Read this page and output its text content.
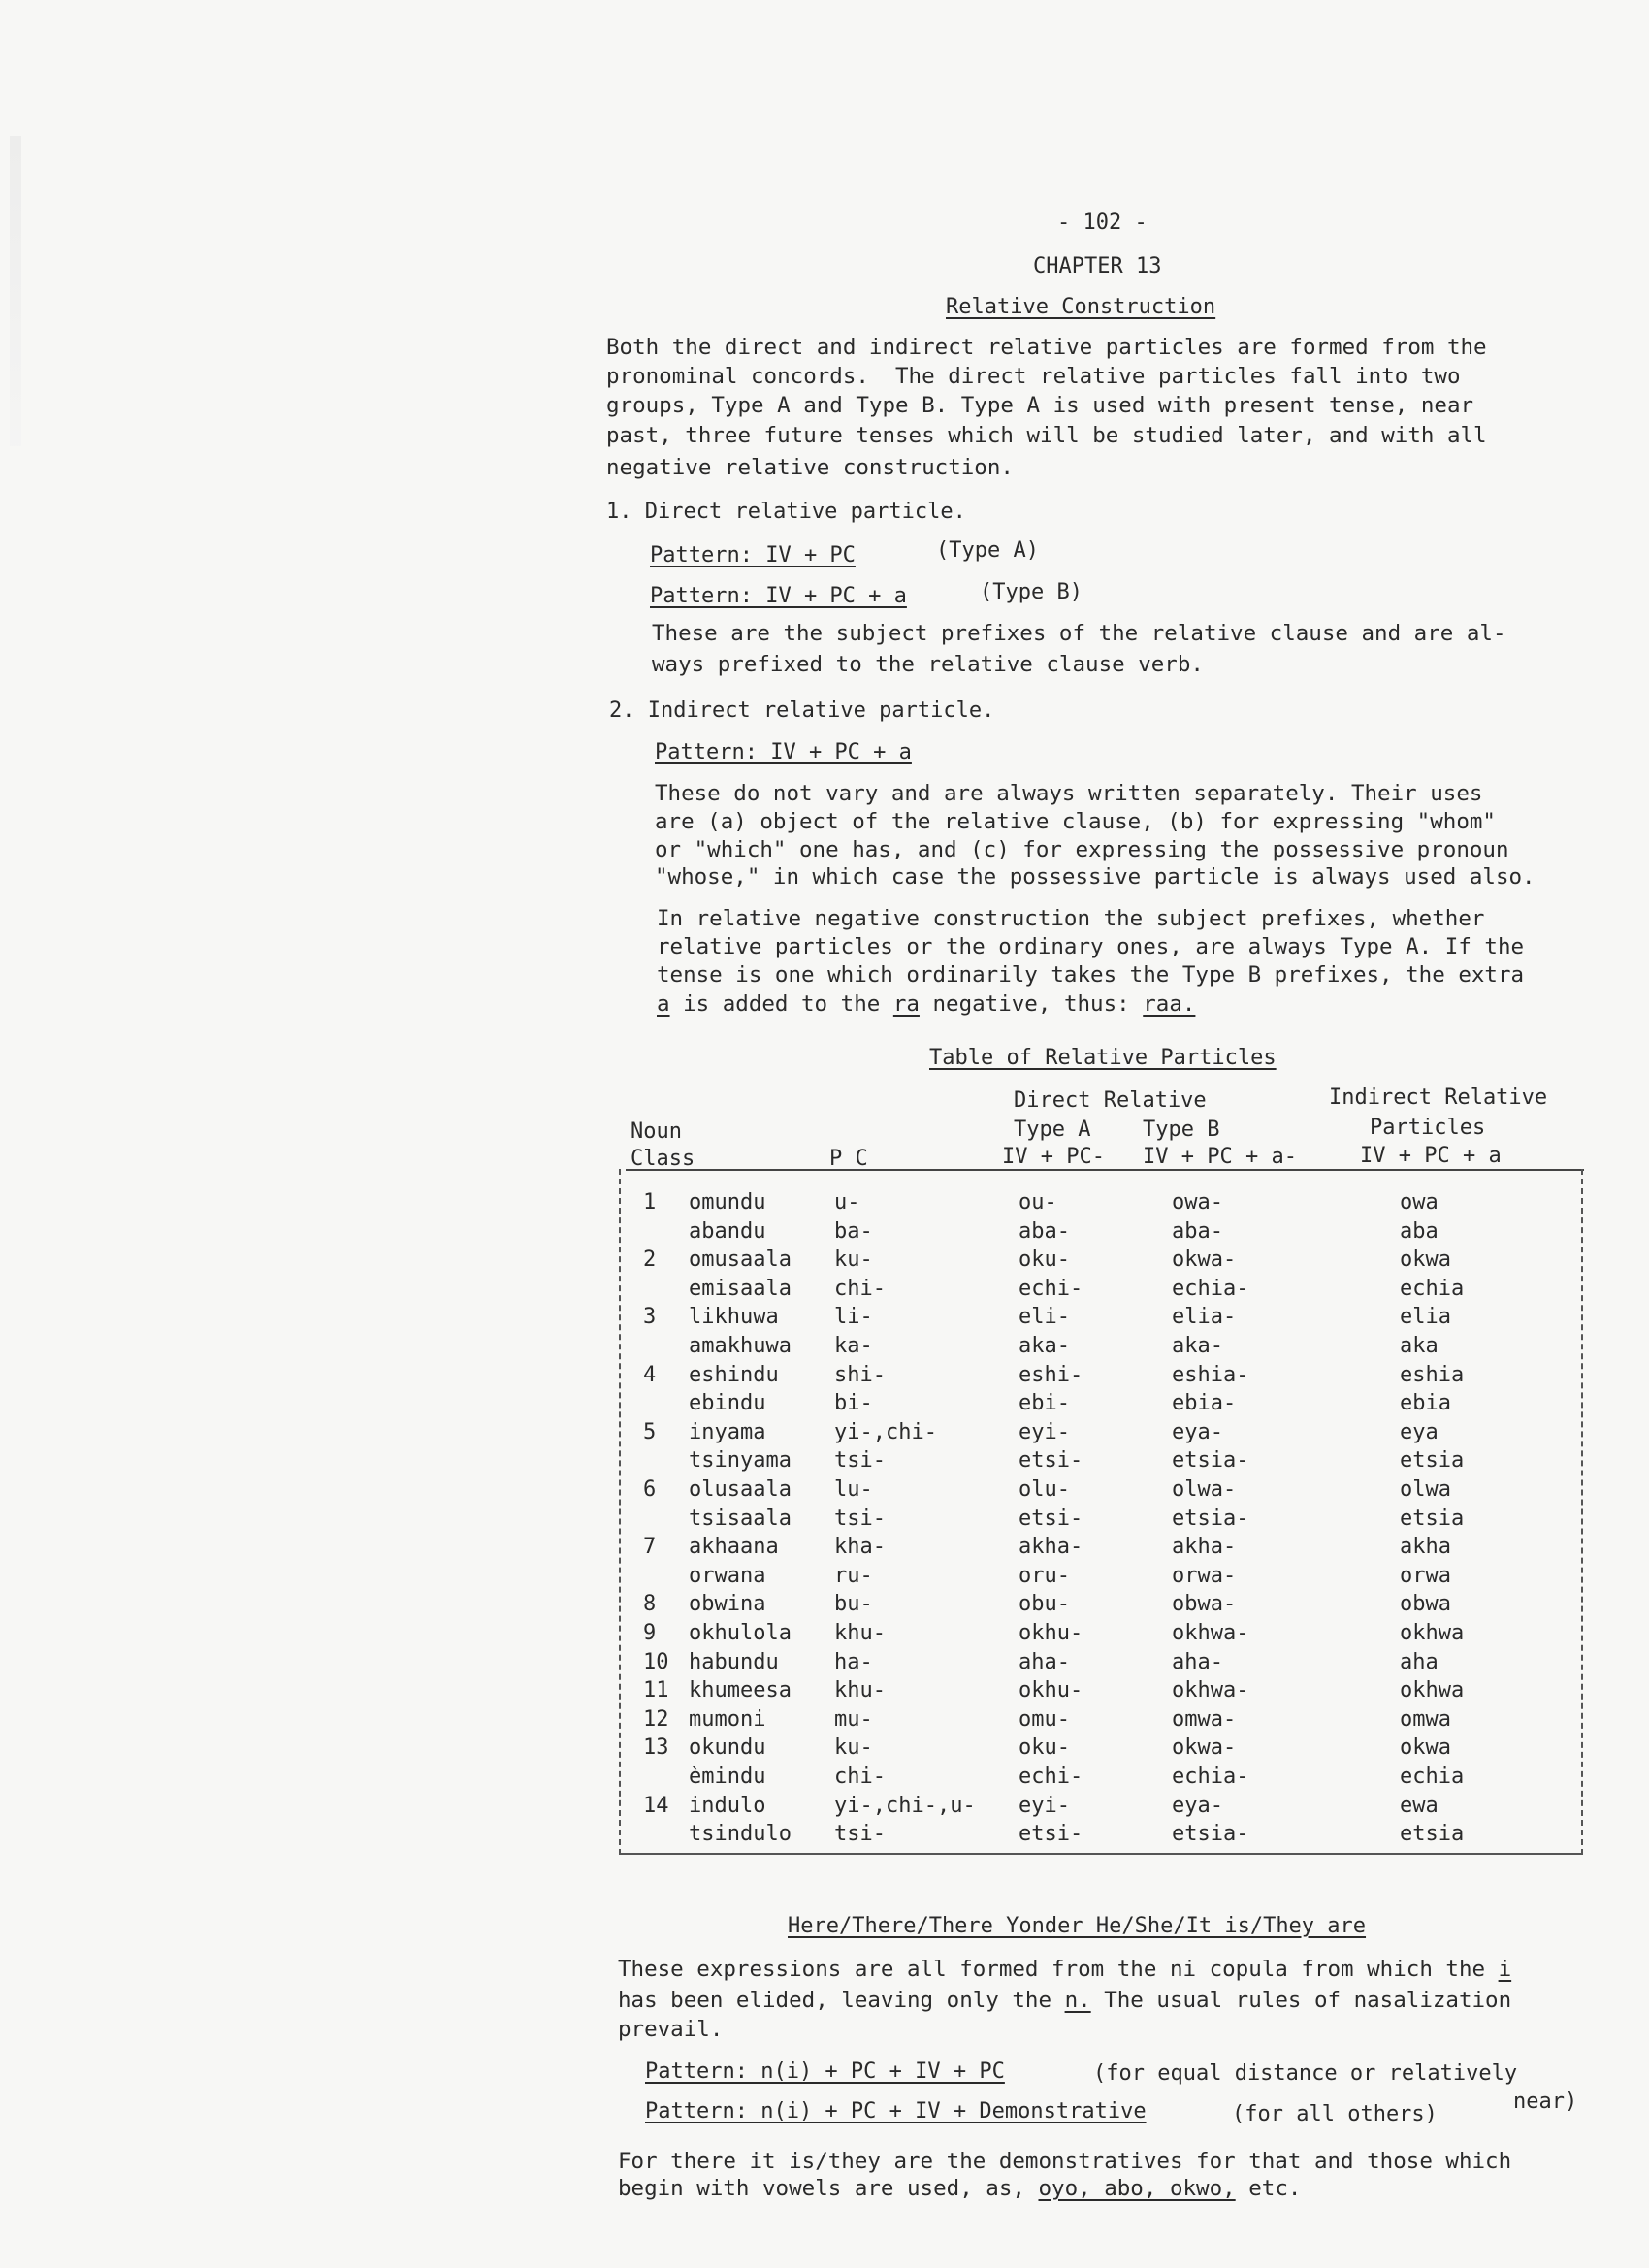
- 102 -
CHAPTER 13
Relative Construction
Both the direct and indirect relative particles are formed from the
pronominal concords.  The direct relative particles fall into two
groups, Type A and Type B. Type A is used with present tense, near
past, three future tenses which will be studied later, and with all
negative relative construction.
1. Direct relative particle.
Pattern: IV + PC	(Type A)
Pattern: IV + PC + a	(Type B)
These are the subject prefixes of the relative clause and are al-
ways prefixed to the relative clause verb.
2. Indirect relative particle.
Pattern: IV + PC + a
These do not vary and are always written separately. Their uses
are (a) object of the relative clause, (b) for expressing "whom"
or "which" one has, and (c) for expressing the possessive pronoun
"whose," in which case the possessive particle is always used also.
In relative negative construction the subject prefixes, whether
relative particles or the ordinary ones, are always Type A. If the
tense is one which ordinarily takes the Type B prefixes, the extra
a is added to the ra negative, thus: raa.
Table of Relative Particles
Direct Relative	Indirect Relative
Particles
Noun	Type A Type B
Class	P C	IV + PC- IV + PC + a-	IV + PC + a
1 omundu	u-	ou-	owa-	owa
abandu	ba-	aba-	aba-	aba
2 omusaala ku-	oku-	okwa-	okwa
emisaala chi-	echi-	echia-	echia
3 likhuwa	li-	eli-	elia-	elia
amakhuwa ka-	aka-	aka-	aka
4 eshindu	shi-	eshi-	eshia-	eshia
ebindu	bi-	ebi-	ebia-	ebia
5 inyama	yi-,chi-	eyi-	eya-	eya
tsinyama tsi-	etsi-	etsia-	etsia
6 olusaala lu-	olu-	olwa-	olwa
tsisaala tsi-	etsi-	etsia-	etsia
7 akhaana	kha-	akha-	akha-	akha
orwana	ru-	oru-	orwa-	orwa
8 obwina	bu-	obu-	obwa-	obwa
9 okhulola khu-	okhu-	okhwa-	okhwa
10 habundu	ha-	aha-	aha-	aha
11 khumeesa khu-	okhu-	okhwa-	okhwa
12 mumoni	mu-	omu-	omwa-	omwa
13 okundu	ku-	oku-	okwa-	okwa
èmindu	chi-	echi-	echia-	echia
14 indulo	yi-,chi-,u- eyi-	eya-	ewa
tsindulo tsi-	etsi-	etsia-	etsia
Here/There/There Yonder He/She/It is/They are
These expressions are all formed from the ni copula from which the i
has been elided, leaving only the n. The usual rules of nasalization
prevail.
Pattern: n(i) + PC + IV + PC	(for equal distance or relatively
near)
Pattern: n(i) + PC + IV + Demonstrative	(for all others)
For there it is/they are the demonstratives for that and those which
begin with vowels are used, as, oyo, abo, okwo, etc.
